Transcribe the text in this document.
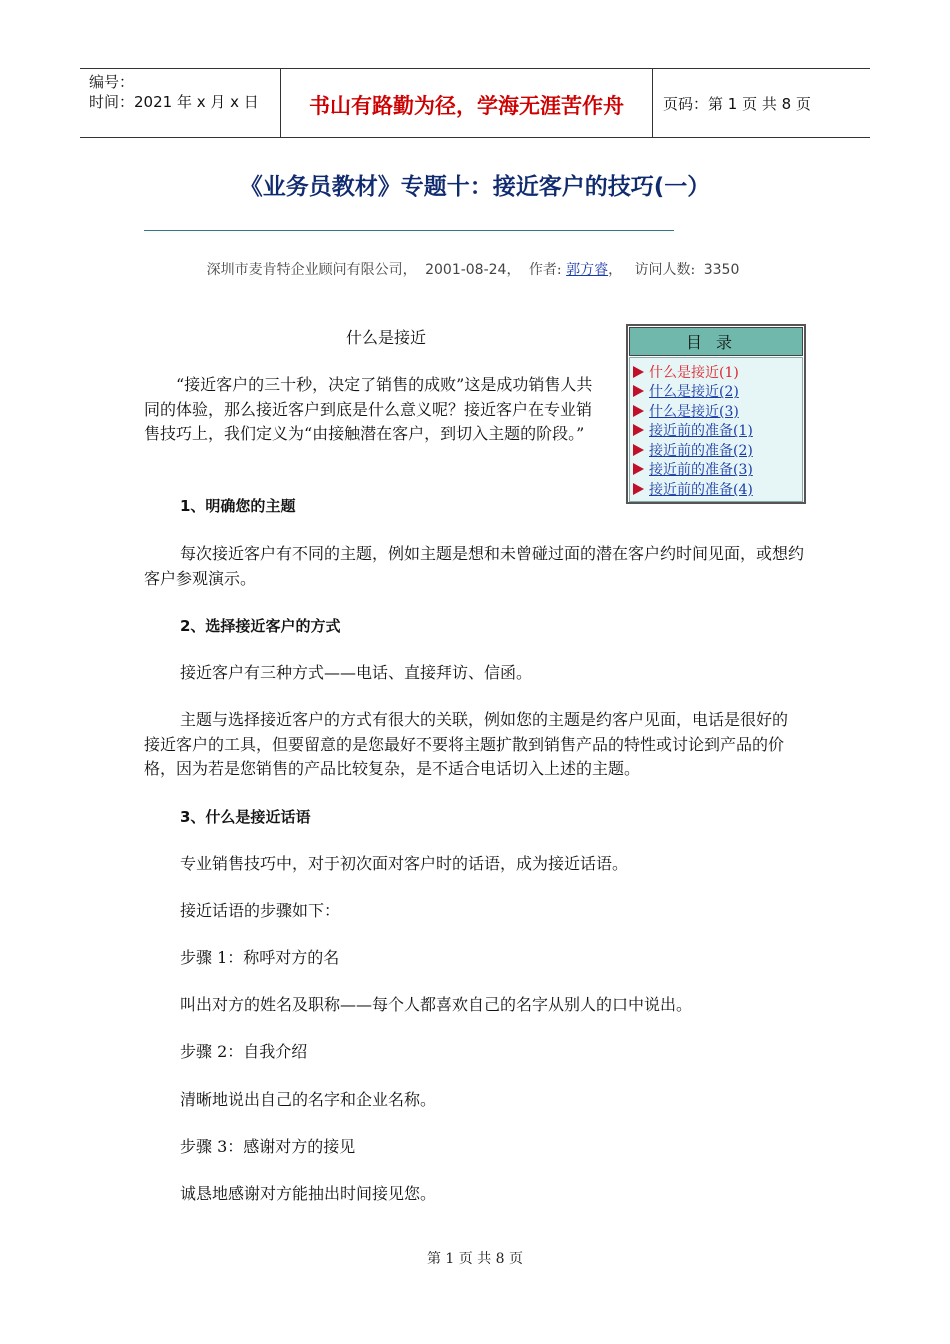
编号：
时间：2021 年 x 月 x 日	书山有路勤为径，学海无涯苦作舟	页码：第 1 页 共 8 页
《业务员教材》专题十：接近客户的技巧(一）
深圳市麦肯特企业顾问有限公司， 2001-08-24， 作者: 郭方睿， 访问人数: 3350
目录
什么是接近(1)
什么是接近(2)
什么是接近(3)
接近前的准备(1)
接近前的准备(2)
接近前的准备(3)
接近前的准备(4)
什么是接近
“接近客户的三十秒，决定了销售的成败”这是成功销售人共同的体验，那么接近客户到底是什么意义呢？接近客户在专业销售技巧上，我们定义为“由接触潜在客户，到切入主题的阶段。”
1、明确您的主题
每次接近客户有不同的主题，例如主题是想和未曾碰过面的潜在客户约时间见面，或想约客户参观演示。
2、选择接近客户的方式
接近客户有三种方式——电话、直接拜访、信函。
主题与选择接近客户的方式有很大的关联，例如您的主题是约客户见面，电话是很好的接近客户的工具，但要留意的是您最好不要将主题扩散到销售产品的特性或讨论到产品的价格，因为若是您销售的产品比较复杂，是不适合电话切入上述的主题。
3、什么是接近话语
专业销售技巧中，对于初次面对客户时的话语，成为接近话语。
接近话语的步骤如下：
步骤 1：称呼对方的名
叫出对方的姓名及职称——每个人都喜欢自己的名字从别人的口中说出。
步骤 2：自我介绍
清晰地说出自己的名字和企业名称。
步骤 3：感谢对方的接见
诚恳地感谢对方能抽出时间接见您。
第 1 页 共 8 页
